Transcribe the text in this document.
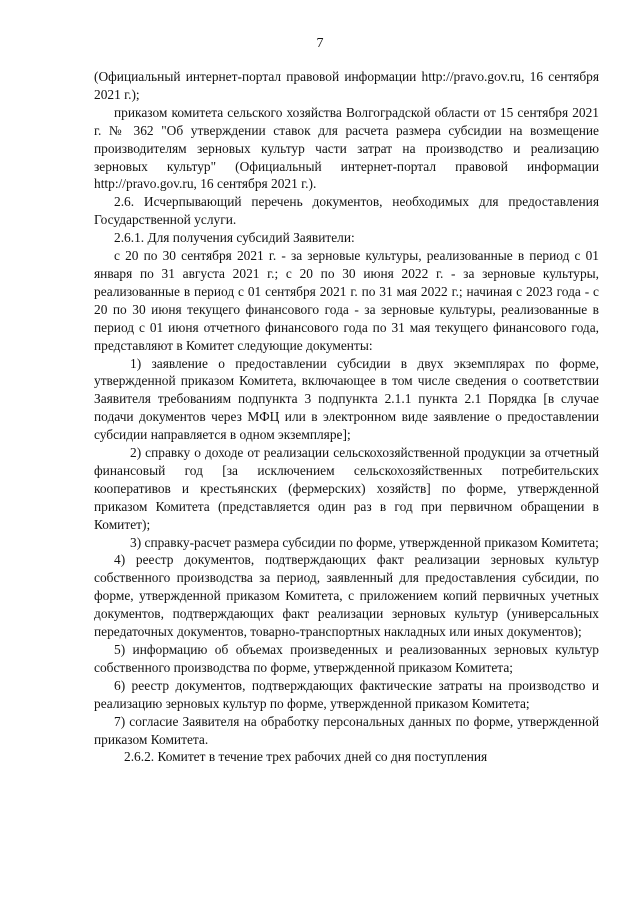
7

(Официальный интернет-портал правовой информации http://pravo.gov.ru, 16 сентября 2021 г.);

приказом комитета сельского хозяйства Волгоградской области от 15 сентября 2021 г. № 362 "Об утверждении ставок для расчета размера субсидии на возмещение производителям зерновых культур части затрат на производство и реализацию зерновых культур" (Официальный интернет-портал правовой информации http://pravo.gov.ru, 16 сентября 2021 г.).

2.6. Исчерпывающий перечень документов, необходимых для предоставления Государственной услуги.

2.6.1. Для получения субсидий Заявители:

с 20 по 30 сентября 2021 г. - за зерновые культуры, реализованные в период с 01 января по 31 августа 2021 г.; с 20 по 30 июня 2022 г. - за зерновые культуры, реализованные в период с 01 сентября 2021 г. по 31 мая 2022 г.; начиная с 2023 года - с 20 по 30 июня текущего финансового года - за зерновые культуры, реализованные в период с 01 июня отчетного финансового года по 31 мая текущего финансового года, представляют в Комитет следующие документы:

1) заявление о предоставлении субсидии в двух экземплярах по форме, утвержденной приказом Комитета, включающее в том числе сведения о соответствии Заявителя требованиям подпункта 3 подпункта 2.1.1 пункта 2.1 Порядка [в случае подачи документов через МФЦ или в электронном виде заявление о предоставлении субсидии направляется в одном экземпляре];

2) справку о доходе от реализации сельскохозяйственной продукции за отчетный финансовый год [за исключением сельскохозяйственных потребительских кооперативов и крестьянских (фермерских) хозяйств] по форме, утвержденной приказом Комитета (представляется один раз в год при первичном обращении в Комитет);

3) справку-расчет размера субсидии по форме, утвержденной приказом Комитета;

4) реестр документов, подтверждающих факт реализации зерновых культур собственного производства за период, заявленный для предоставления субсидии, по форме, утвержденной приказом Комитета, с приложением копий первичных учетных документов, подтверждающих факт реализации зерновых культур (универсальных передаточных документов, товарно-транспортных накладных или иных документов);

5) информацию об объемах произведенных и реализованных зерновых культур собственного производства по форме, утвержденной приказом Комитета;

6) реестр документов, подтверждающих фактические затраты на производство и реализацию зерновых культур по форме, утвержденной приказом Комитета;

7) согласие Заявителя на обработку персональных данных по форме, утвержденной приказом Комитета.

2.6.2. Комитет в течение трех рабочих дней со дня поступления
